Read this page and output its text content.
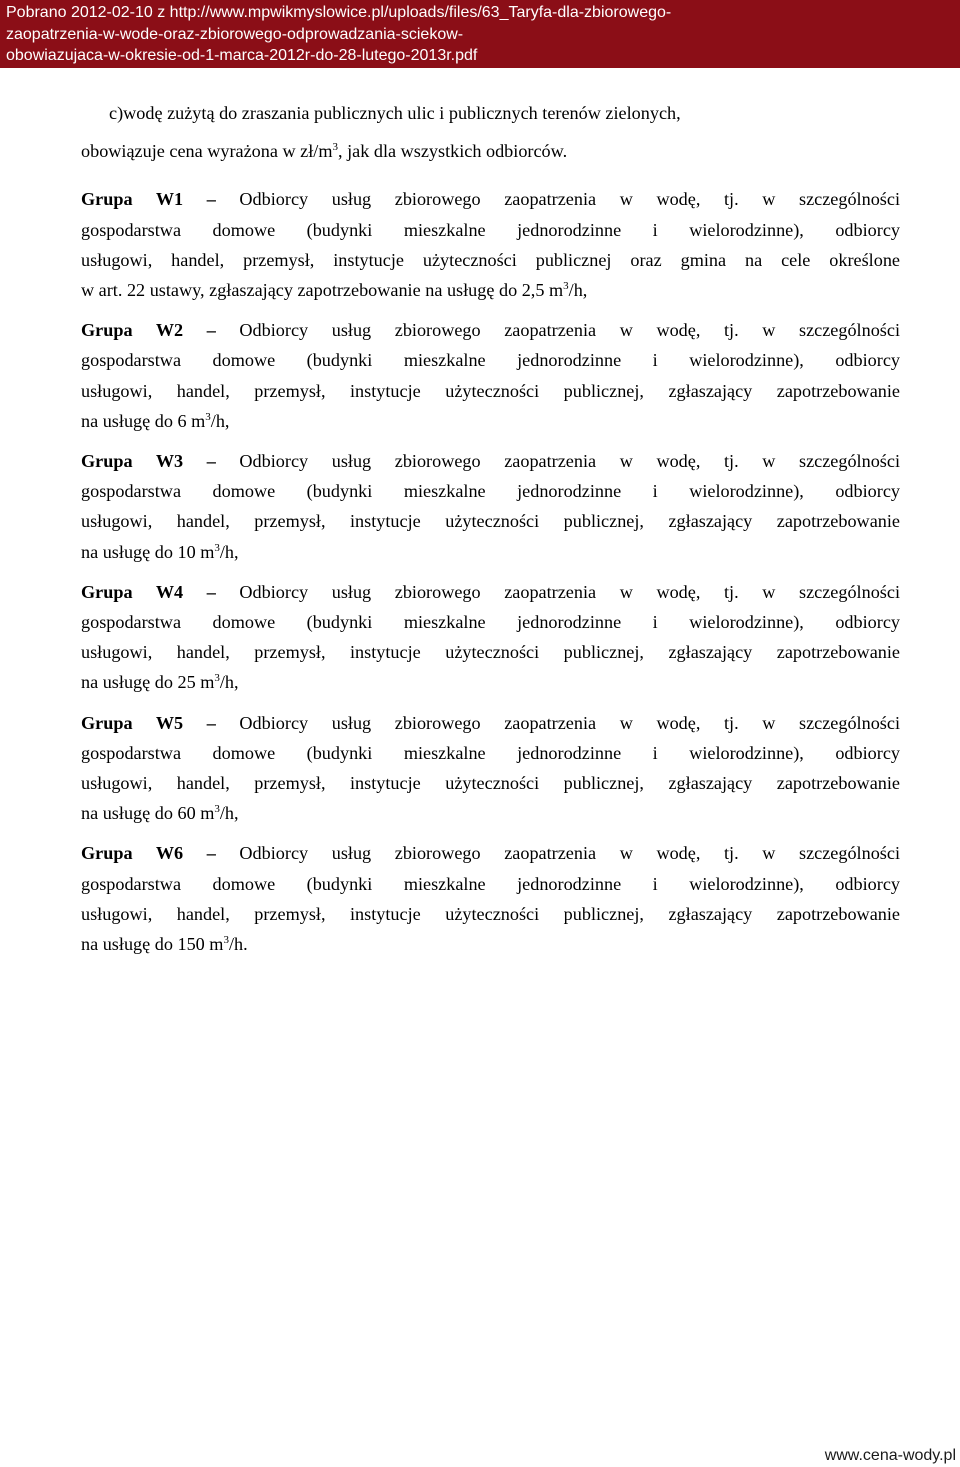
Pobrano 2012-02-10 z http://www.mpwikmyslowice.pl/uploads/files/63_Taryfa-dla-zbiorowego-
zaopatrzenia-w-wode-oraz-zbiorowego-odprowadzania-sciekow-
obowiazujaca-w-okresie-od-1-marca-2012r-do-28-lutego-2013r.pdf
c)wodę zużytą do zraszania publicznych ulic i publicznych terenów zielonych,
obowiązuje cena wyrażona w $zł/m^3$, jak dla wszystkich odbiorców.
Grupa W1 – Odbiorcy usług zbiorowego zaopatrzenia w wodę, tj. w szczególności
gospodarstwa domowe (budynki mieszkalne jednorodzinne i wielorodzinne), odbiorcy
usługowi, handel, przemysł, instytucje użyteczności publicznej oraz gmina na cele określone
w art. 22 ustawy, zgłaszający zapotrzebowanie na usługę do 2,5 $m^3/h$,
Grupa W2 – Odbiorcy usług zbiorowego zaopatrzenia w wodę, tj. w szczególności
gospodarstwa domowe (budynki mieszkalne jednorodzinne i wielorodzinne), odbiorcy
usługowi, handel, przemysł, instytucje użyteczności publicznej, zgłaszający zapotrzebowanie
na usługę do 6 $m^3/h$,
Grupa W3 – Odbiorcy usług zbiorowego zaopatrzenia w wodę, tj. w szczególności
gospodarstwa domowe (budynki mieszkalne jednorodzinne i wielorodzinne), odbiorcy
usługowi, handel, przemysł, instytucje użyteczności publicznej, zgłaszający zapotrzebowanie
na usługę do 10 $m^3/h$,
Grupa W4 – Odbiorcy usług zbiorowego zaopatrzenia w wodę, tj. w szczególności
gospodarstwa domowe (budynki mieszkalne jednorodzinne i wielorodzinne), odbiorcy
usługowi, handel, przemysł, instytucje użyteczności publicznej, zgłaszający zapotrzebowanie
na usługę do 25 $m^3/h$,
Grupa W5 – Odbiorcy usług zbiorowego zaopatrzenia w wodę, tj. w szczególności
gospodarstwa domowe (budynki mieszkalne jednorodzinne i wielorodzinne), odbiorcy
usługowi, handel, przemysł, instytucje użyteczności publicznej, zgłaszający zapotrzebowanie
na usługę do 60 $m^3/h$,
Grupa W6 – Odbiorcy usług zbiorowego zaopatrzenia w wodę, tj. w szczególności
gospodarstwa domowe (budynki mieszkalne jednorodzinne i wielorodzinne), odbiorcy
usługowi, handel, przemysł, instytucje użyteczności publicznej, zgłaszający zapotrzebowanie
na usługę do 150 $m^3/h$.
www.cena-wody.pl
